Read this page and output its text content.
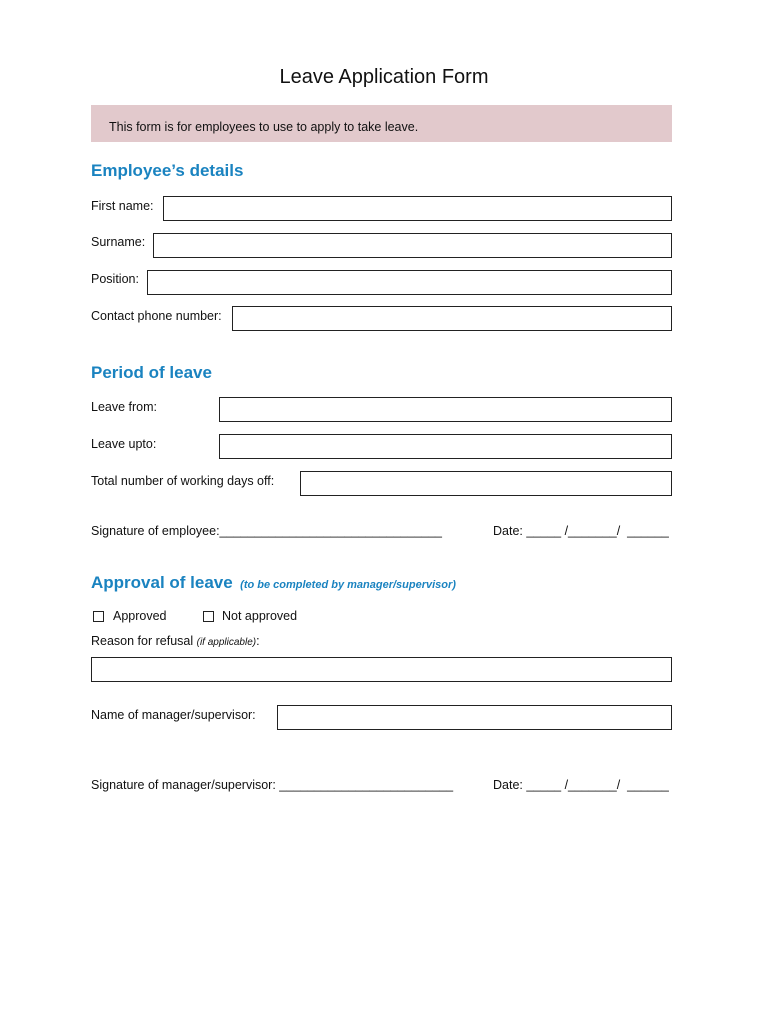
Leave Application Form
This form is for employees to use to apply to take leave.
Employee’s details
First name:
Surname:
Position:
Contact phone number:
Period of leave
Leave from:
Leave upto:
Total number of working days off:
Signature of employee:________________________________	Date: _____ /_______/  ______
Approval of leave (to be completed by manager/supervisor)
Approved	Not approved
Reason for refusal (if applicable):
Name of manager/supervisor:
Signature of manager/supervisor: _________________________	Date: _____ /_______/  ______
